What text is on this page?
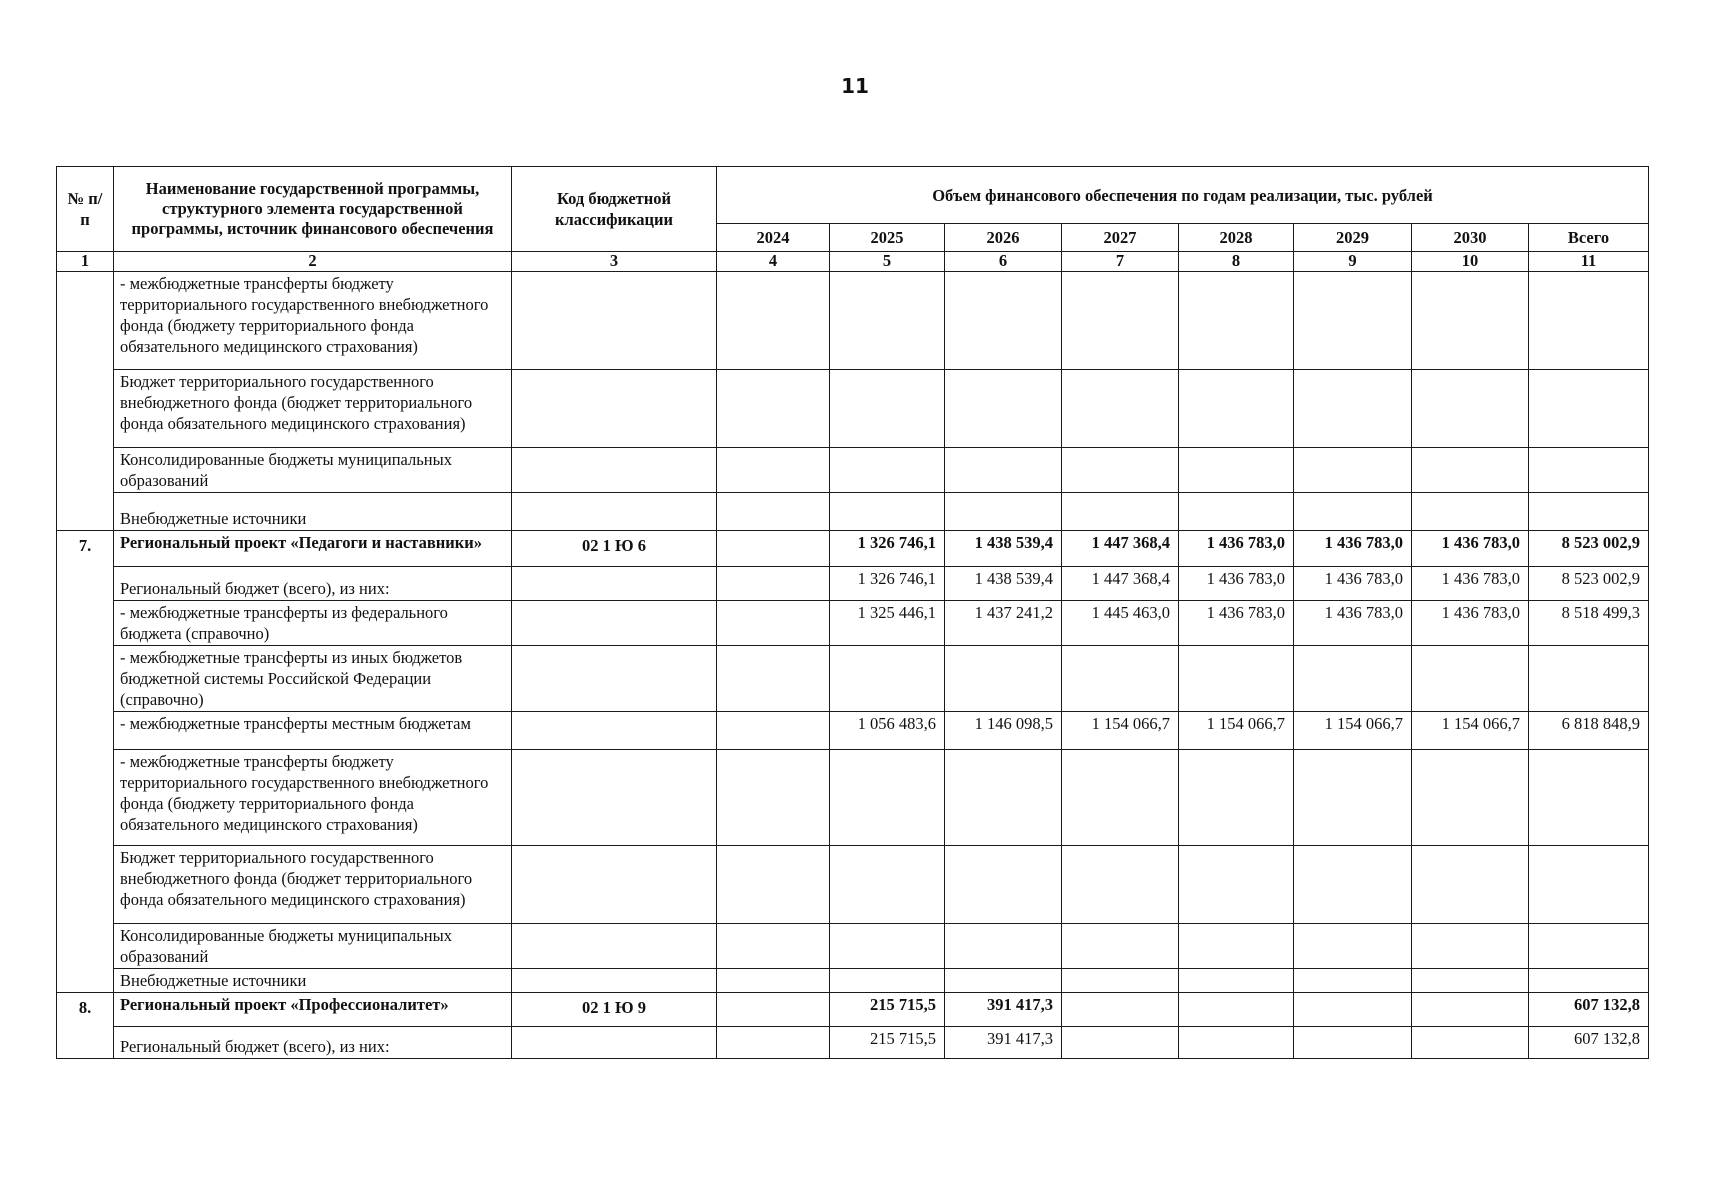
11
№ п/п	Наименование государственной программы, структурного элемента государственной программы, источник финансового обеспечения	Код бюджетной классификации	Объем финансового обеспечения по годам реализации, тыс. рублей							
			2024	2025	2026	2027	2028	2029	2030	Всего
1	2	3	4	5	6	7	8	9	10	11
	- межбюджетные трансферты бюджету территориального государственного внебюджетного фонда (бюджету территориального фонда обязательного медицинского страхования)									
	Бюджет территориального государственного внебюджетного фонда (бюджет территориального фонда обязательного медицинского страхования)									
	Консолидированные бюджеты муниципальных образований									
	Внебюджетные источники									
7.	Региональный проект «Педагоги и наставники»	02 1 Ю 6		1 326 746,1	1 438 539,4	1 447 368,4	1 436 783,0	1 436 783,0	1 436 783,0	8 523 002,9
	Региональный бюджет (всего), из них:			1 326 746,1	1 438 539,4	1 447 368,4	1 436 783,0	1 436 783,0	1 436 783,0	8 523 002,9
	- межбюджетные трансферты из федерального бюджета (справочно)			1 325 446,1	1 437 241,2	1 445 463,0	1 436 783,0	1 436 783,0	1 436 783,0	8 518 499,3
	- межбюджетные трансферты из иных бюджетов бюджетной системы Российской Федерации (справочно)									
	- межбюджетные трансферты местным бюджетам			1 056 483,6	1 146 098,5	1 154 066,7	1 154 066,7	1 154 066,7	1 154 066,7	6 818 848,9
	- межбюджетные трансферты бюджету территориального государственного внебюджетного фонда (бюджету территориального фонда обязательного медицинского страхования)									
	Бюджет территориального государственного внебюджетного фонда (бюджет территориального фонда обязательного медицинского страхования)									
	Консолидированные бюджеты муниципальных образований									
	Внебюджетные источники									
8.	Региональный проект «Профессионалитет»	02 1 Ю 9		215 715,5	391 417,3					607 132,8
	Региональный бюджет (всего), из них:			215 715,5	391 417,3					607 132,8
